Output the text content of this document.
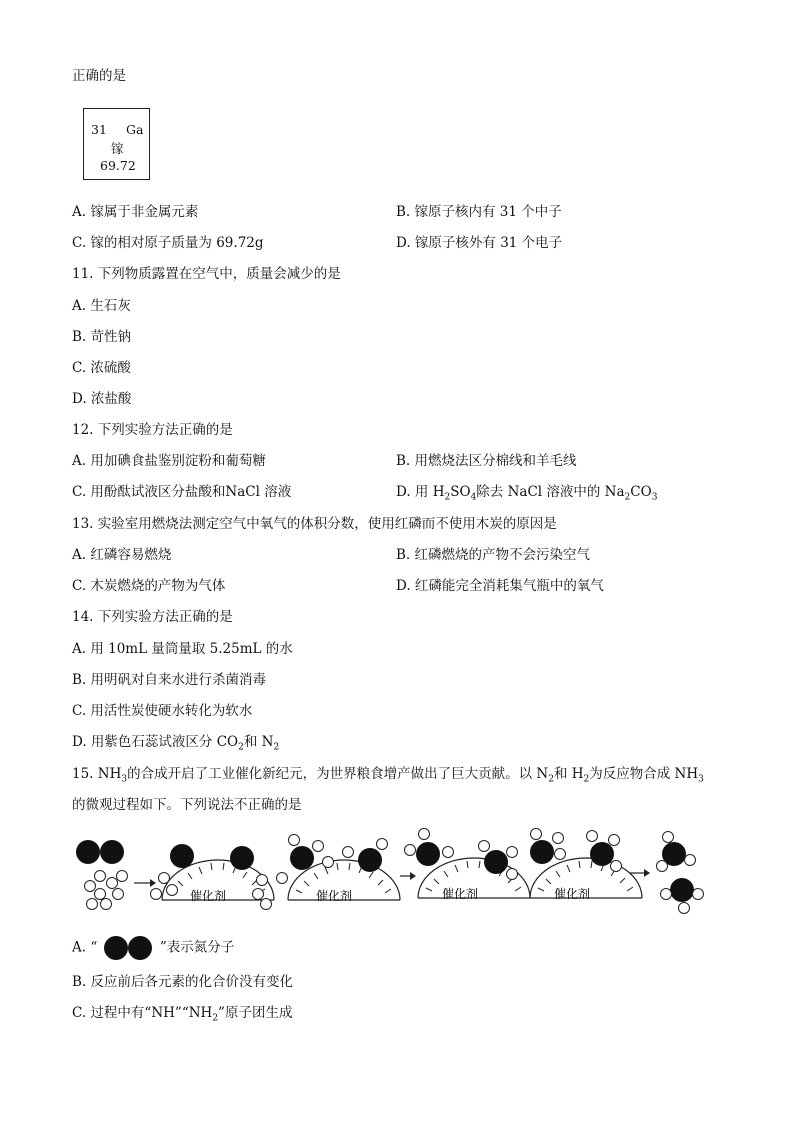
正确的是
31 Ga
镓
69.72
A. 镓属于非金属元素	B. 镓原子核内有 31 个中子
C. 镓的相对原子质量为 69.72g	D. 镓原子核外有 31 个电子
11. 下列物质露置在空气中，质量会减少的是
A. 生石灰
B. 苛性钠
C. 浓硫酸
D. 浓盐酸
12. 下列实验方法正确的是
A. 用加碘食盐鉴别淀粉和葡萄糖	B. 用燃烧法区分棉线和羊毛线
C. 用酚酞试液区分盐酸和NaCl 溶液	D. 用 $H_2SO_4$除去 NaCl 溶液中的 $Na_2CO_3$
13. 实验室用燃烧法测定空气中氧气的体积分数，使用红磷而不使用木炭的原因是
A. 红磷容易燃烧	B. 红磷燃烧的产物不会污染空气
C. 木炭燃烧的产物为气体	D. 红磷能完全消耗集气瓶中的氧气
14. 下列实验方法正确的是
A. 用 10mL 量筒量取 5.25mL 的水
B. 用明矾对自来水进行杀菌消毒
C. 用活性炭使硬水转化为软水
D. 用紫色石蕊试液区分 $CO_2$和 $N_2$
15. $NH_3$的合成开启了工业催化新纪元，为世界粮食增产做出了巨大贡献。以 $N_2$和 $H_2$为反应物合成 $NH_3$
的微观过程如下。下列说法不正确的是
催化剂	催化剂	催化剂	催化剂
A. “	”表示氮分子
B. 反应前后各元素的化合价没有变化
C. 过程中有“$NH”“NH_2$”原子团生成
